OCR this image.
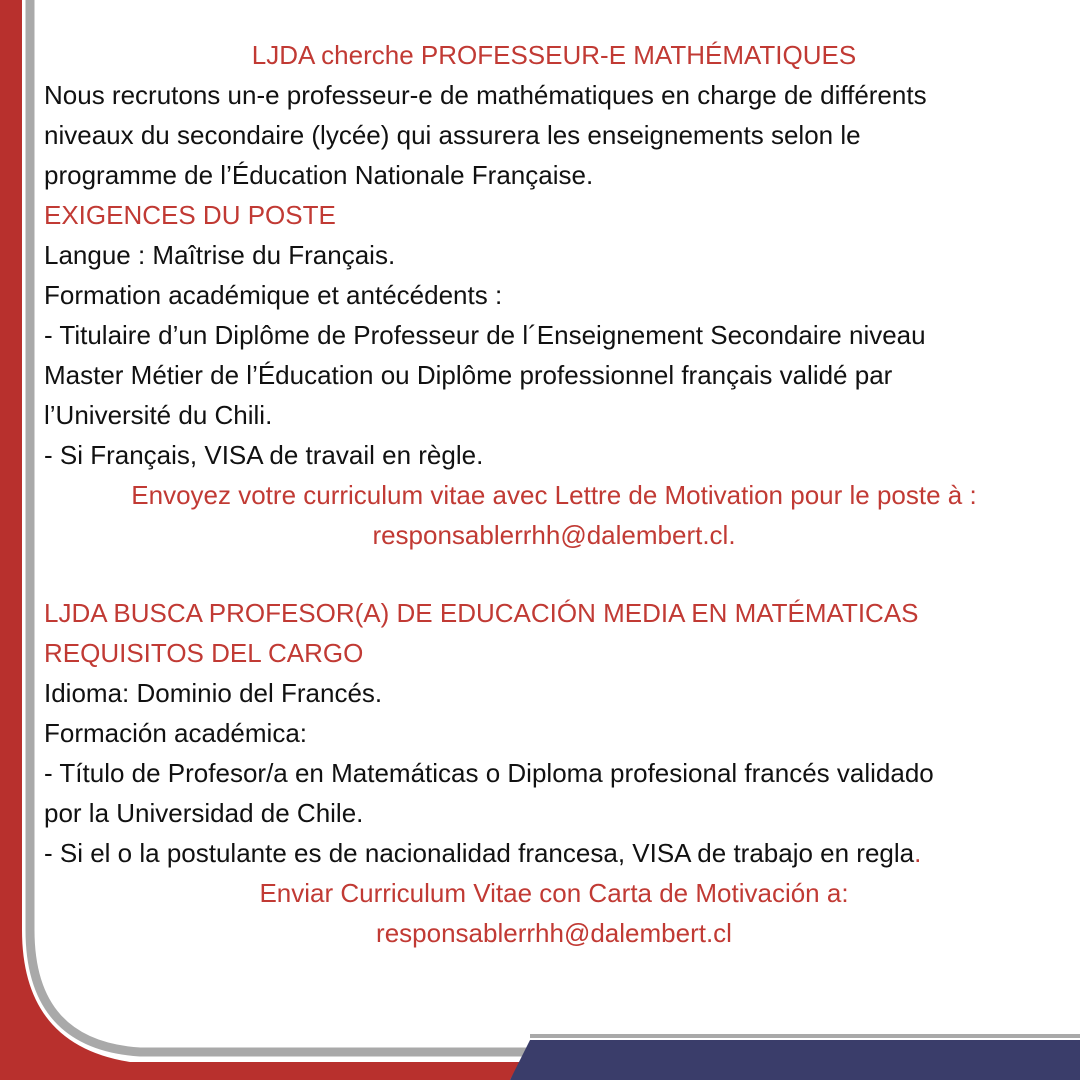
LJDA cherche PROFESSEUR-E MATHÉMATIQUES

Nous recrutons un-e professeur-e de mathématiques en charge de différents

niveaux du secondaire (lycée) qui assurera les enseignements selon le

programme de l’Éducation Nationale Française.

EXIGENCES DU POSTE

Langue : Maîtrise du Français.

Formation académique et antécédents :

- Titulaire d’un Diplôme de Professeur de l´Enseignement Secondaire niveau

Master Métier de l’Éducation ou Diplôme professionnel français validé par

l’Université du Chili.

- Si Français, VISA de travail en règle.

Envoyez votre curriculum vitae avec Lettre de Motivation pour le poste à :

responsablerrhh@dalembert.cl.

LJDA BUSCA PROFESOR(A) DE EDUCACIÓN MEDIA EN MATÉMATICAS

REQUISITOS DEL CARGO

Idioma: Dominio del Francés.

Formación académica:

- Título de Profesor/a en Matemáticas o Diploma profesional francés validado

por la Universidad de Chile.

- Si el o la postulante es de nacionalidad francesa, VISA de trabajo en regla.

Enviar Curriculum Vitae con Carta de Motivación a:

responsablerrhh@dalembert.cl
